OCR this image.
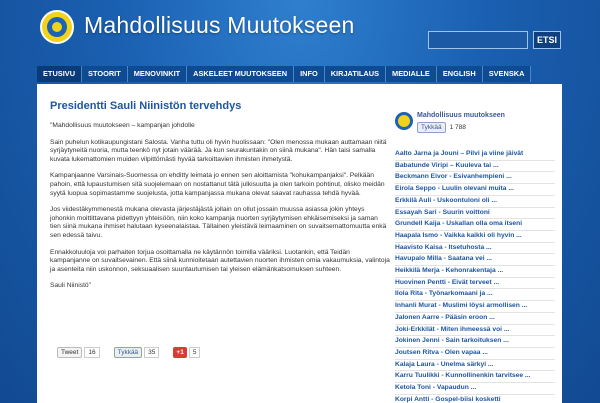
Mahdollisuus Muutokseen
ETSI
ETUSIVU	STOORIT	MENOVINKIT	ASKELEET MUUTOKSEEN	INFO	KIRJATILAUS	MEDIALLE	ENGLISH	SVENSKA
Presidentti Sauli Niinistön tervehdys

"Mahdollisuus muutokseen – kampanjan johdolle

Sain puhelun kotikaupungistani Salosta. Vanha tuttu oli hyvin huolissaan: "Olen menossa mukaan auttamaan niitä syrjäytyneitä nuoria, mutta teenkö nyt jotain väärää. Ja kun seurakuntakin on siinä mukana". Hän taisi samalla kuvata lukemattomien muiden vilpittömästi hyvää tarkoittavien ihmisten ihmetystä.

Kampanjaanne Varsinais-Suomessa on ehditty leimata jo ennen sen aloittamista "kohukampanjaksi". Pelkään pahoin, että lupaustumisen sitä suojelemaan on nostattanut tätä julkisuutta ja olen tarkoin pohtinut, olisko meidän syytä luopua sopimastamme suojelusta, jotta kampanjassa mukana olevat saavat rauhassa tehdä hyvää.

Jos viidestäkymmenestä mukana olevasta järjestäjästä jollain on ollut jossain muussa asiassa jokin yhteys johonkin moittittavana pidettyyn yhteisöön, niin koko kampanja nuorten syrjäytymisen ehkäisemiseksi ja saman tien siinä mukana ihmiset halutaan kyseenalaistaa. Tällainen yleistävä leimaaminen on suvaitsemattomuutta enkä sen edessä taivu.

Ennakkoluuloja voi parhaiten torjua osoittamalla ne käytännön toimilla vääriksi. Luotankin, että Teidän kampanjanne on suvaitsevainen. Että siinä kunnioitetaan autettavien nuorten ihmisten omia vakaumuksia, valintoja ja asenteita niin uskonnon, seksuaalisen suuntautumisen tai yleisen elämänkatsomuksen suhteen.

Sauli Niinistö"

Tweet	16	Tykkää	35	+1	5
Mahdollisuus muutokseen
Tykkää	1 788
Aalto Jarna ja Jouni – Pilvi ja viine jäivät
Babatunde Viripi – Kuuleva tai ...
Beckmann Eivor - Esivanhempieni ...
Eirola Seppo - Luulin olevani muita ...
Erkkilä Auli - Uskoontuloni oli ...
Essayah Sari - Suurin voittoni
Grundell Kaija - Uskallan olla oma itseni
Haapala Ismo - Vaikka kaikki oli hyvin ...
Haavisto Kaisa - Itsetuhosta ...
Havupalo Milla - Saatana vei ...
Heikkilä Merja - Kehonrakentaja ...
Huovinen Pentti - Eivät terveet ...
Ilola Rita - Työnarkomaani ja ...
Inhanli Murat - Muslimi löysi armollisen ...
Jalonen Aarre - Pääsin eroon ...
Joki-Erkkilät - Miten ihmeessä voi ...
Jokinen Jenni - Sain tarkoituksen ...
Joutsen Ritva - Olen vapaa ...
Kalaja Laura - Unelma särkyi ...
Karru Tuulikki - Kunnollinenkin tarvitsee ...
Ketola Toni - Vapaudun ...
Korpi Antti - Gospel-biisi kosketti
